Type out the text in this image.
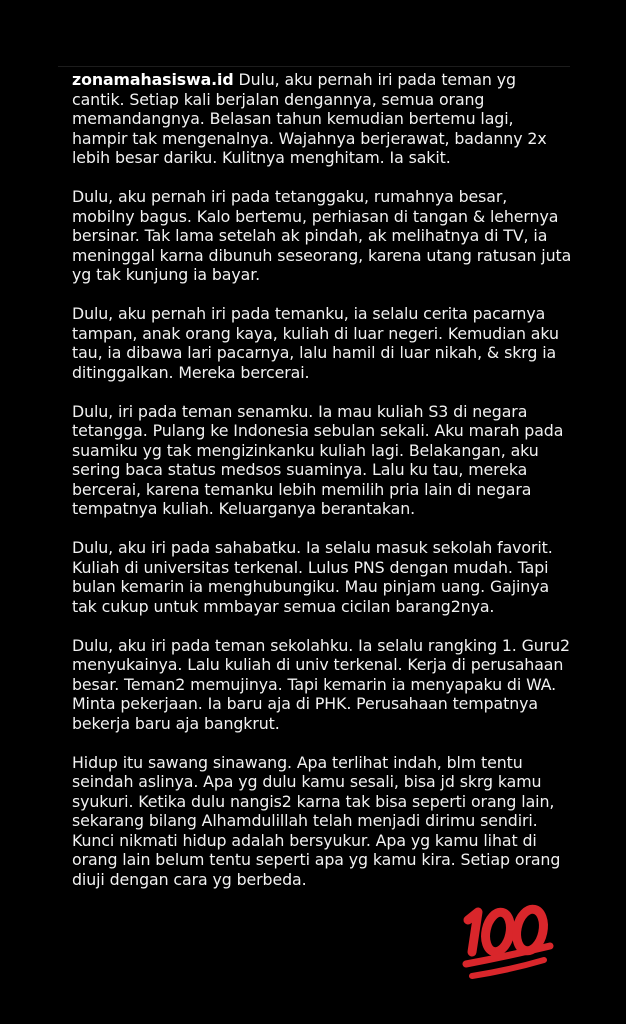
zonamahasiswa.id Dulu, aku pernah iri pada teman yg cantik. Setiap kali berjalan dengannya, semua orang memandangnya. Belasan tahun kemudian bertemu lagi, hampir tak mengenalnya. Wajahnya berjerawat, badanny 2x lebih besar dariku. Kulitnya menghitam. Ia sakit.

Dulu, aku pernah iri pada tetanggaku, rumahnya besar, mobilny bagus. Kalo bertemu, perhiasan di tangan & lehernya bersinar. Tak lama setelah ak pindah, ak melihatnya di TV, ia meninggal karna dibunuh seseorang, karena utang ratusan juta yg tak kunjung ia bayar.

Dulu, aku pernah iri pada temanku, ia selalu cerita pacarnya tampan, anak orang kaya, kuliah di luar negeri. Kemudian aku tau, ia dibawa lari pacarnya, lalu hamil di luar nikah, & skrg ia ditinggalkan. Mereka bercerai.

Dulu, iri pada teman senamku. Ia mau kuliah S3 di negara tetangga. Pulang ke Indonesia sebulan sekali. Aku marah pada suamiku yg tak mengizinkanku kuliah lagi. Belakangan, aku sering baca status medsos suaminya. Lalu ku tau, mereka bercerai, karena temanku lebih memilih pria lain di negara tempatnya kuliah. Keluarganya berantakan.

Dulu, aku iri pada sahabatku. Ia selalu masuk sekolah favorit. Kuliah di universitas terkenal. Lulus PNS dengan mudah. Tapi bulan kemarin ia menghubungiku. Mau pinjam uang. Gajinya tak cukup untuk mmbayar semua cicilan barang2nya.

Dulu, aku iri pada teman sekolahku. Ia selalu rangking 1. Guru2 menyukainya. Lalu kuliah di univ terkenal. Kerja di perusahaan besar. Teman2 memujinya. Tapi kemarin ia menyapaku di WA. Minta pekerjaan. Ia baru aja di PHK. Perusahaan tempatnya bekerja baru aja bangkrut.

Hidup itu sawang sinawang. Apa terlihat indah, blm tentu seindah aslinya. Apa yg dulu kamu sesali, bisa jd skrg kamu syukuri. Ketika dulu nangis2 karna tak bisa seperti orang lain, sekarang bilang Alhamdulillah telah menjadi dirimu sendiri. Kunci nikmati hidup adalah bersyukur. Apa yg kamu lihat di orang lain belum tentu seperti apa yg kamu kira. Setiap orang diuji dengan cara yg berbeda.
